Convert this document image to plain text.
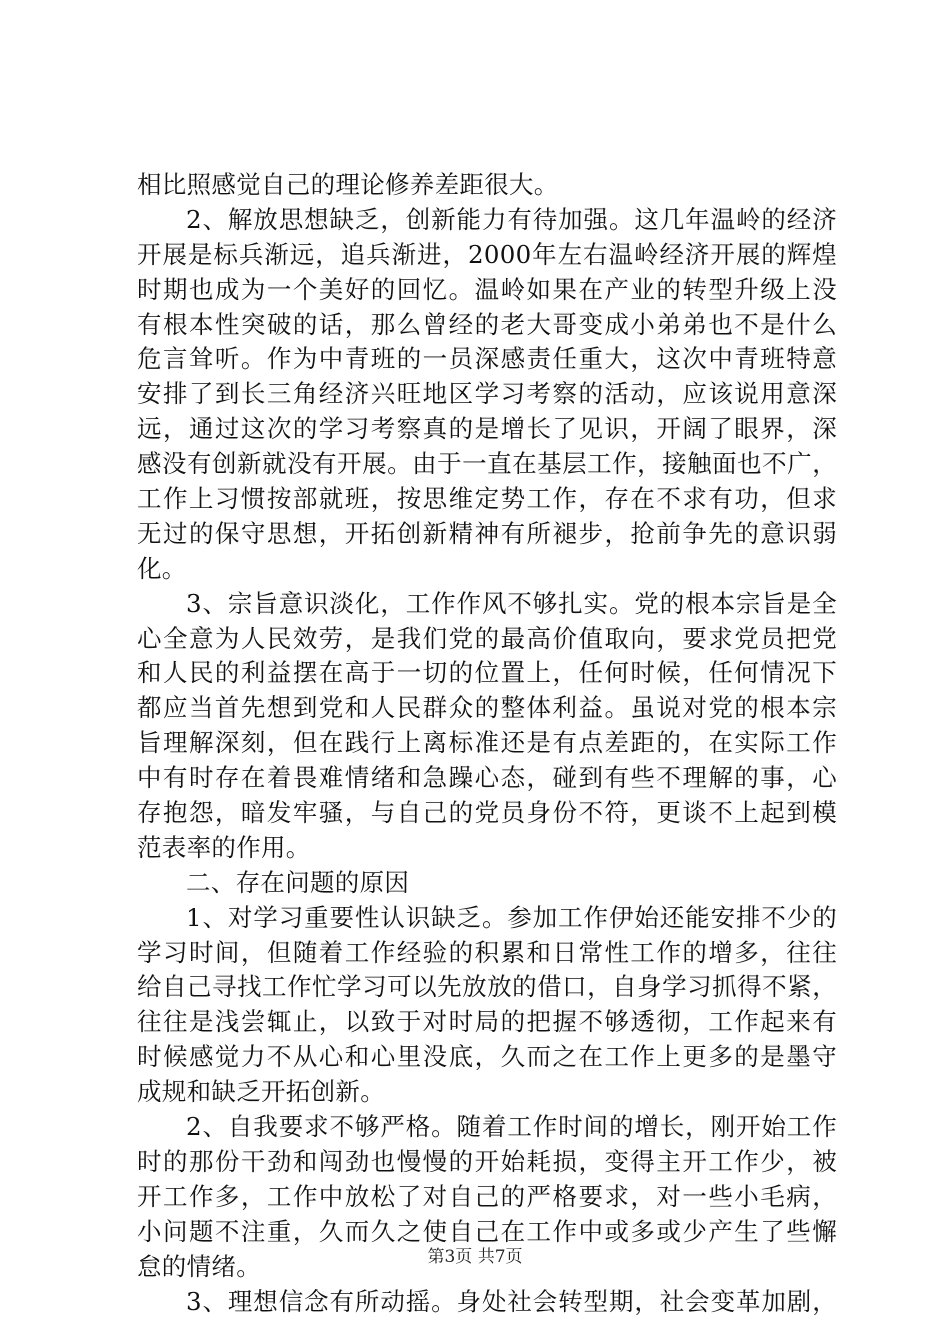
相比照感觉自己的理论修养差距很大。
2、解放思想缺乏，创新能力有待加强。这几年温岭的经济
开展是标兵渐远，追兵渐进，2000年左右温岭经济开展的辉煌
时期也成为一个美好的回忆。温岭如果在产业的转型升级上没
有根本性突破的话，那么曾经的老大哥变成小弟弟也不是什么
危言耸听。作为中青班的一员深感责任重大，这次中青班特意
安排了到长三角经济兴旺地区学习考察的活动，应该说用意深
远，通过这次的学习考察真的是增长了见识，开阔了眼界，深
感没有创新就没有开展。由于一直在基层工作，接触面也不广，
工作上习惯按部就班，按思维定势工作，存在不求有功，但求
无过的保守思想，开拓创新精神有所褪步，抢前争先的意识弱
化。
3、宗旨意识淡化，工作作风不够扎实。党的根本宗旨是全
心全意为人民效劳，是我们党的最高价值取向，要求党员把党
和人民的利益摆在高于一切的位置上，任何时候，任何情况下
都应当首先想到党和人民群众的整体利益。虽说对党的根本宗
旨理解深刻，但在践行上离标准还是有点差距的，在实际工作
中有时存在着畏难情绪和急躁心态，碰到有些不理解的事，心
存抱怨，暗发牢骚，与自己的党员身份不符，更谈不上起到模
范表率的作用。
二、存在问题的原因
1、对学习重要性认识缺乏。参加工作伊始还能安排不少的
学习时间，但随着工作经验的积累和日常性工作的增多，往往
给自己寻找工作忙学习可以先放放的借口，自身学习抓得不紧，
往往是浅尝辄止，以致于对时局的把握不够透彻，工作起来有
时候感觉力不从心和心里没底，久而之在工作上更多的是墨守
成规和缺乏开拓创新。
2、自我要求不够严格。随着工作时间的增长，刚开始工作
时的那份干劲和闯劲也慢慢的开始耗损，变得主开工作少，被
开工作多，工作中放松了对自己的严格要求，对一些小毛病，
小问题不注重，久而久之使自己在工作中或多或少产生了些懈
怠的情绪。
3、理想信念有所动摇。身处社会转型期，社会变革加剧，
第3页 共7页
